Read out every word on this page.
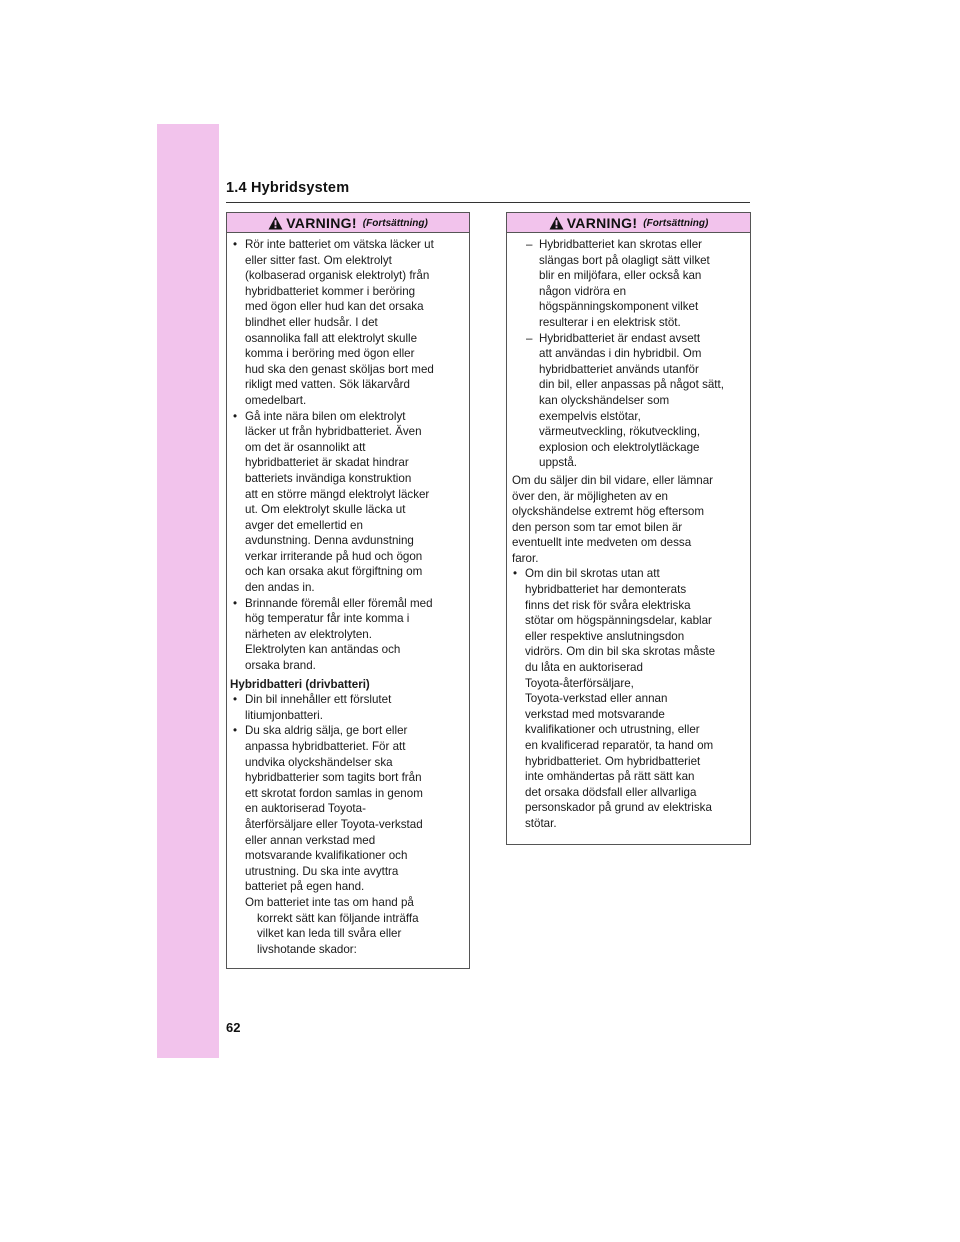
1.4 Hybridsystem
VARNING! (Fortsättning)
• Rör inte batteriet om vätska läcker ut
eller sitter fast. Om elektrolyt
(kolbaserad organisk elektrolyt) från
hybridbatteriet kommer i beröring
med ögon eller hud kan det orsaka
blindhet eller hudsår. I det
osannolika fall att elektrolyt skulle
komma i beröring med ögon eller
hud ska den genast sköljas bort med
rikligt med vatten. Sök läkarvård
omedelbart.
• Gå inte nära bilen om elektrolyt
läcker ut från hybridbatteriet. Även
om det är osannolikt att
hybridbatteriet är skadat hindrar
batteriets invändiga konstruktion
att en större mängd elektrolyt läcker
ut. Om elektrolyt skulle läcka ut
avger det emellertid en
avdunstning. Denna avdunstning
verkar irriterande på hud och ögon
och kan orsaka akut förgiftning om
den andas in.
• Brinnande föremål eller föremål med
hög temperatur får inte komma i
närheten av elektrolyten.
Elektrolyten kan antändas och
orsaka brand.
Hybridbatteri (drivbatteri)
• Din bil innehåller ett förslutet
litiumjonbatteri.
• Du ska aldrig sälja, ge bort eller
anpassa hybridbatteriet. För att
undvika olyckshändelser ska
hybridbatterier som tagits bort från
ett skrotat fordon samlas in genom
en auktoriserad Toyota-
återförsäljare eller Toyota-verkstad
eller annan verkstad med
motsvarande kvalifikationer och
utrustning. Du ska inte avyttra
batteriet på egen hand.
Om batteriet inte tas om hand på
korrekt sätt kan följande inträffa
vilket kan leda till svåra eller
livshotande skador:
VARNING! (Fortsättning)
– Hybridbatteriet kan skrotas eller
slängas bort på olagligt sätt vilket
blir en miljöfara, eller också kan
någon vidröra en
högspänningskomponent vilket
resulterar i en elektrisk stöt.
– Hybridbatteriet är endast avsett
att användas i din hybridbil. Om
hybridbatteriet används utanför
din bil, eller anpassas på något sätt,
kan olyckshändelser som
exempelvis elstötar,
värmeutveckling, rökutveckling,
explosion och elektrolytläckage
uppstå.
Om du säljer din bil vidare, eller lämnar
över den, är möjligheten av en
olyckshändelse extremt hög eftersom
den person som tar emot bilen är
eventuellt inte medveten om dessa
faror.
• Om din bil skrotas utan att
hybridbatteriet har demonterats
finns det risk för svåra elektriska
stötar om högspänningsdelar, kablar
eller respektive anslutningsdon
vidrörs. Om din bil ska skrotas måste
du låta en auktoriserad
Toyota-återförsäljare,
Toyota-verkstad eller annan
verkstad med motsvarande
kvalifikationer och utrustning, eller
en kvalificerad reparatör, ta hand om
hybridbatteriet. Om hybridbatteriet
inte omhändertas på rätt sätt kan
det orsaka dödsfall eller allvarliga
personskador på grund av elektriska
stötar.
62
